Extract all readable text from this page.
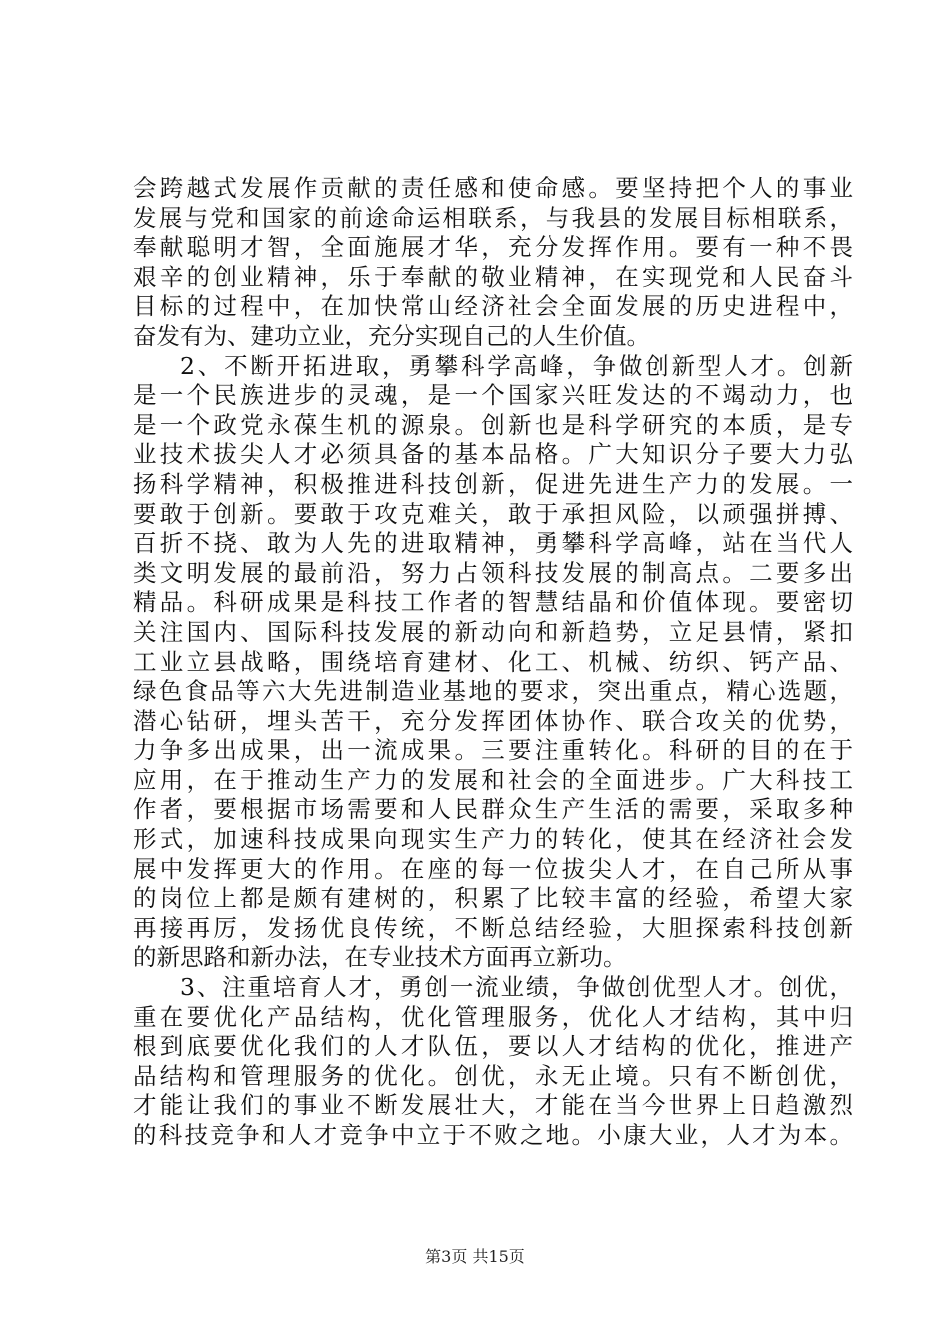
会跨越式发展作贡献的责任感和使命感。要坚持把个人的事业
发展与党和国家的前途命运相联系，与我县的发展目标相联系，
奉献聪明才智，全面施展才华，充分发挥作用。要有一种不畏
艰辛的创业精神，乐于奉献的敬业精神，在实现党和人民奋斗
目标的过程中，在加快常山经济社会全面发展的历史进程中，
奋发有为、建功立业，充分实现自己的人生价值。
2、不断开拓进取，勇攀科学高峰，争做创新型人才。创新
是一个民族进步的灵魂，是一个国家兴旺发达的不竭动力，也
是一个政党永葆生机的源泉。创新也是科学研究的本质，是专
业技术拔尖人才必须具备的基本品格。广大知识分子要大力弘
扬科学精神，积极推进科技创新，促进先进生产力的发展。一
要敢于创新。要敢于攻克难关，敢于承担风险，以顽强拼搏、
百折不挠、敢为人先的进取精神，勇攀科学高峰，站在当代人
类文明发展的最前沿，努力占领科技发展的制高点。二要多出
精品。科研成果是科技工作者的智慧结晶和价值体现。要密切
关注国内、国际科技发展的新动向和新趋势，立足县情，紧扣
工业立县战略，围绕培育建材、化工、机械、纺织、钙产品、
绿色食品等六大先进制造业基地的要求，突出重点，精心选题，
潜心钻研，埋头苦干，充分发挥团体协作、联合攻关的优势，
力争多出成果，出一流成果。三要注重转化。科研的目的在于
应用，在于推动生产力的发展和社会的全面进步。广大科技工
作者，要根据市场需要和人民群众生产生活的需要，采取多种
形式，加速科技成果向现实生产力的转化，使其在经济社会发
展中发挥更大的作用。在座的每一位拔尖人才，在自己所从事
的岗位上都是颇有建树的，积累了比较丰富的经验，希望大家
再接再厉，发扬优良传统，不断总结经验，大胆探索科技创新
的新思路和新办法，在专业技术方面再立新功。
3、注重培育人才，勇创一流业绩，争做创优型人才。创优，
重在要优化产品结构，优化管理服务，优化人才结构，其中归
根到底要优化我们的人才队伍，要以人才结构的优化，推进产
品结构和管理服务的优化。创优，永无止境。只有不断创优，
才能让我们的事业不断发展壮大，才能在当今世界上日趋激烈
的科技竞争和人才竞争中立于不败之地。小康大业，人才为本。
第3页 共15页
